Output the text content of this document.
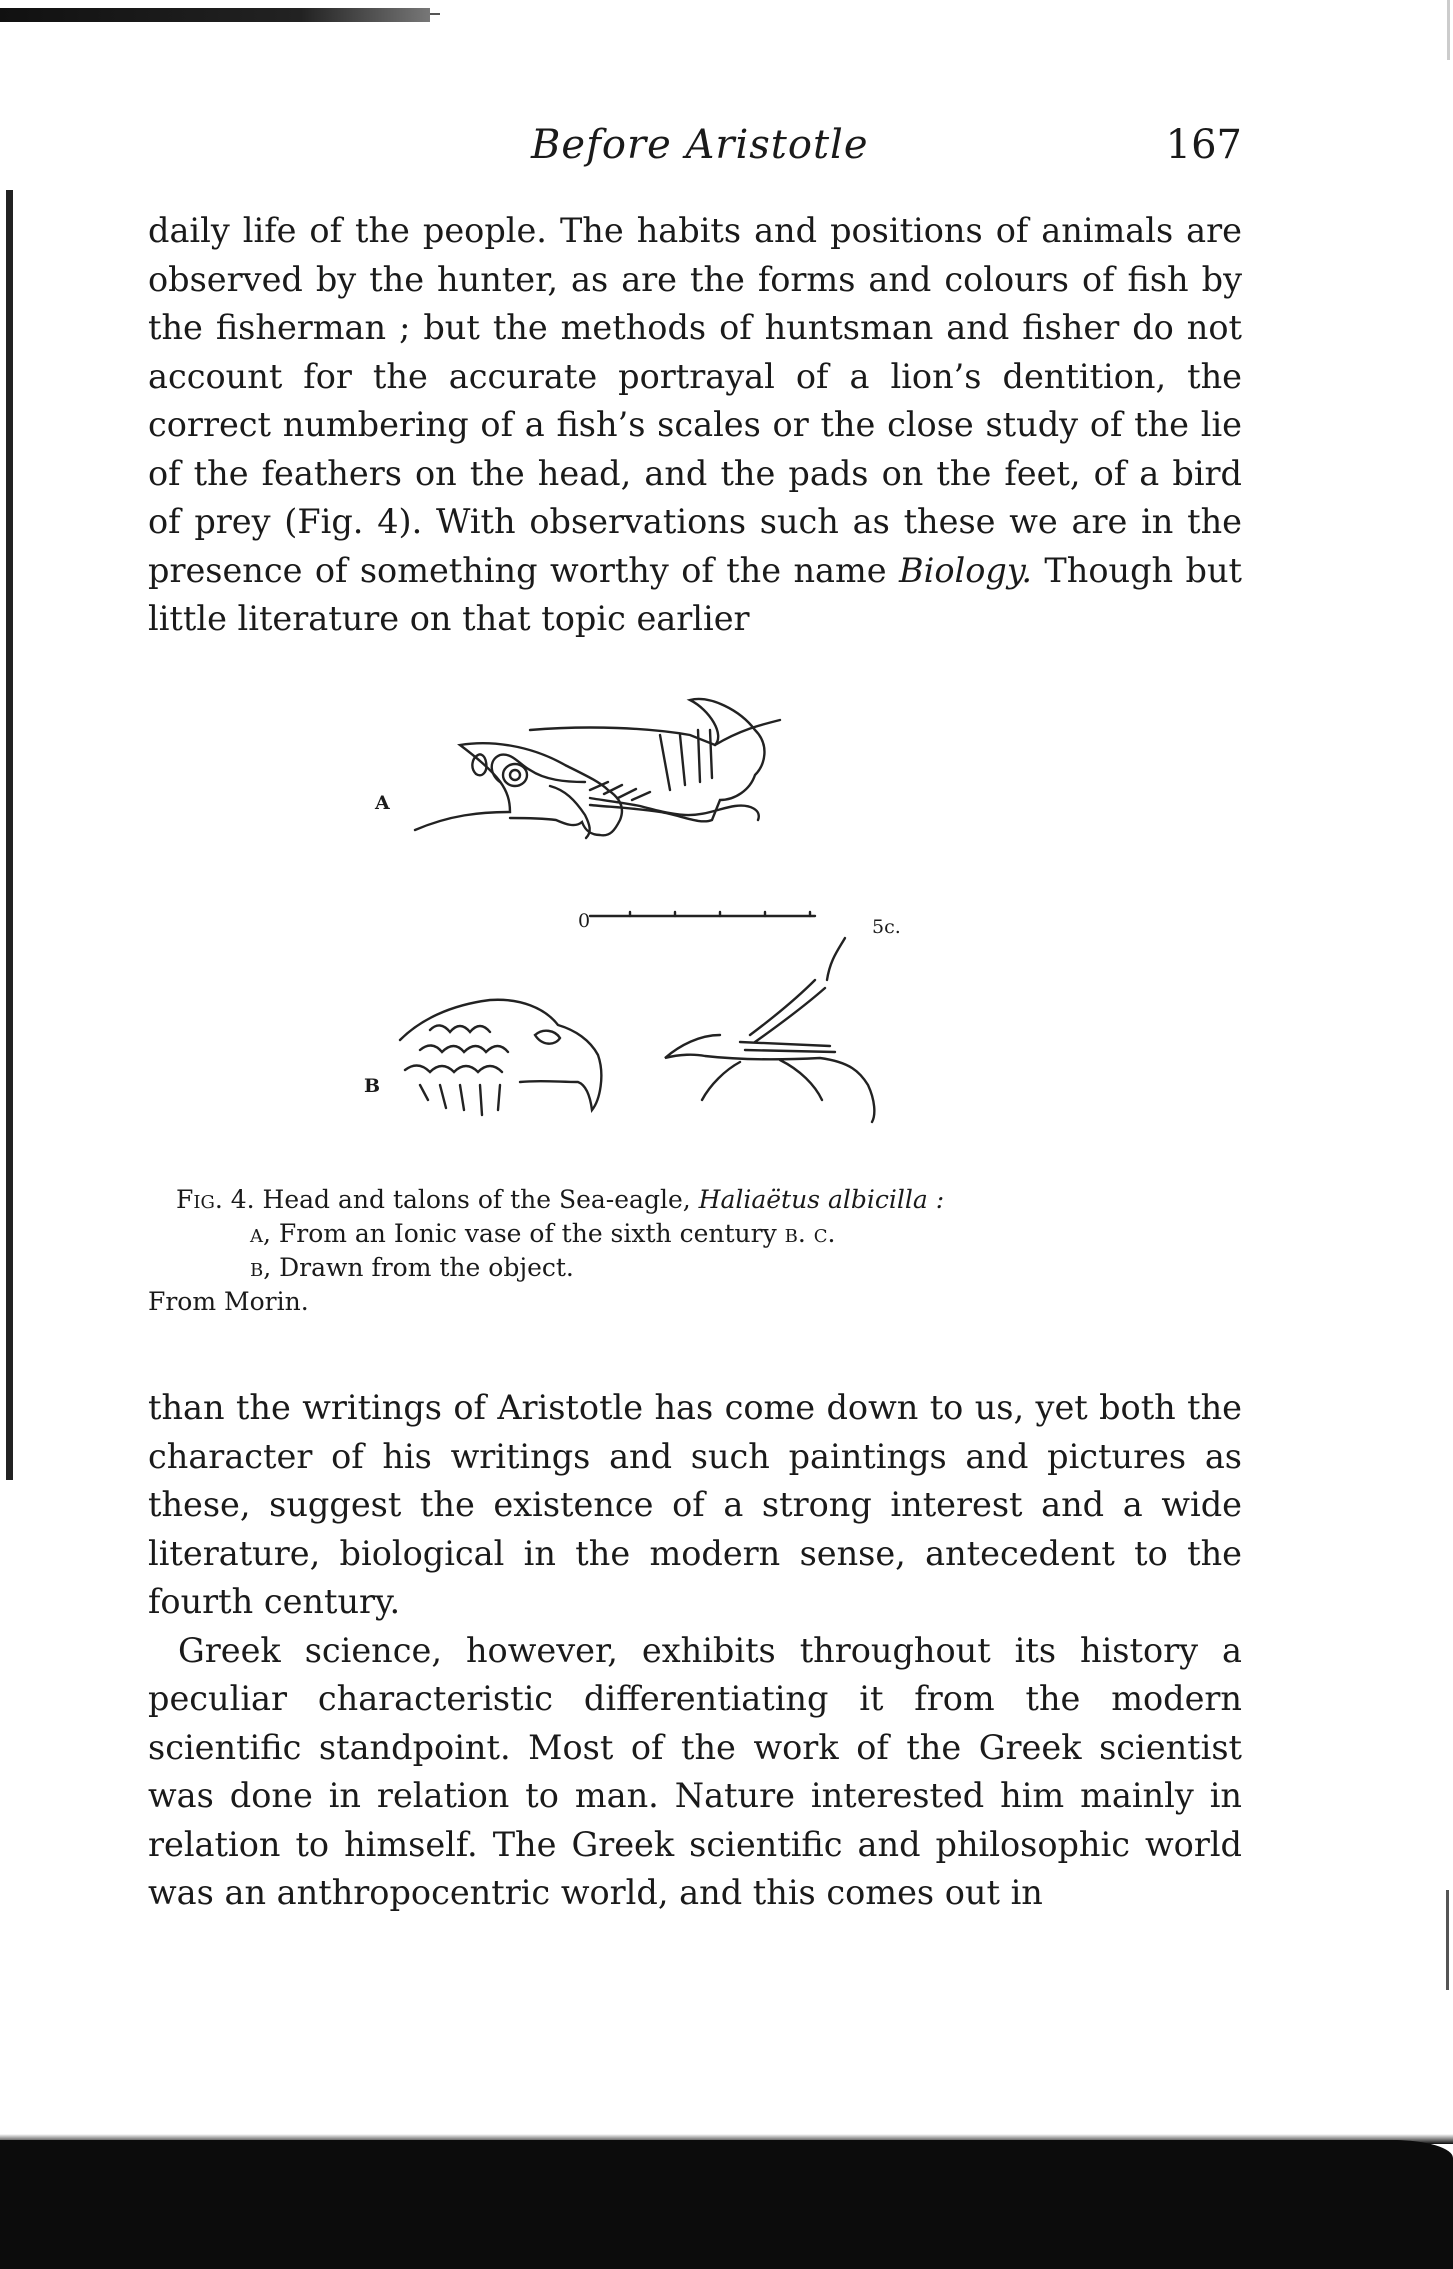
Before Aristotle	167

daily life of the people. The habits and positions of animals are observed by the hunter, as are the forms and colours of fish by the fisherman ; but the methods of huntsman and fisher do not account for the accurate portrayal of a lion’s dentition, the correct numbering of a fish’s scales or the close study of the lie of the feathers on the head, and the pads on the feet, of a bird of prey (Fig. 4). With observations such as these we are in the presence of something worthy of the name Biology. Though but little literature on that topic earlier

A
B
0	5c.
Fig. 4. Head and talons of the Sea-eagle, Haliaëtus albicilla :
a, From an Ionic vase of the sixth century b. c.
b, Drawn from the object.
From Morin.

than the writings of Aristotle has come down to us, yet both the character of his writings and such paintings and pictures as these, suggest the existence of a strong interest and a wide literature, biological in the modern sense, antecedent to the fourth century.

Greek science, however, exhibits throughout its history a peculiar characteristic differentiating it from the modern scientific standpoint. Most of the work of the Greek scientist was done in relation to man. Nature interested him mainly in relation to himself. The Greek scientific and philosophic world was an anthropocentric world, and this comes out in
